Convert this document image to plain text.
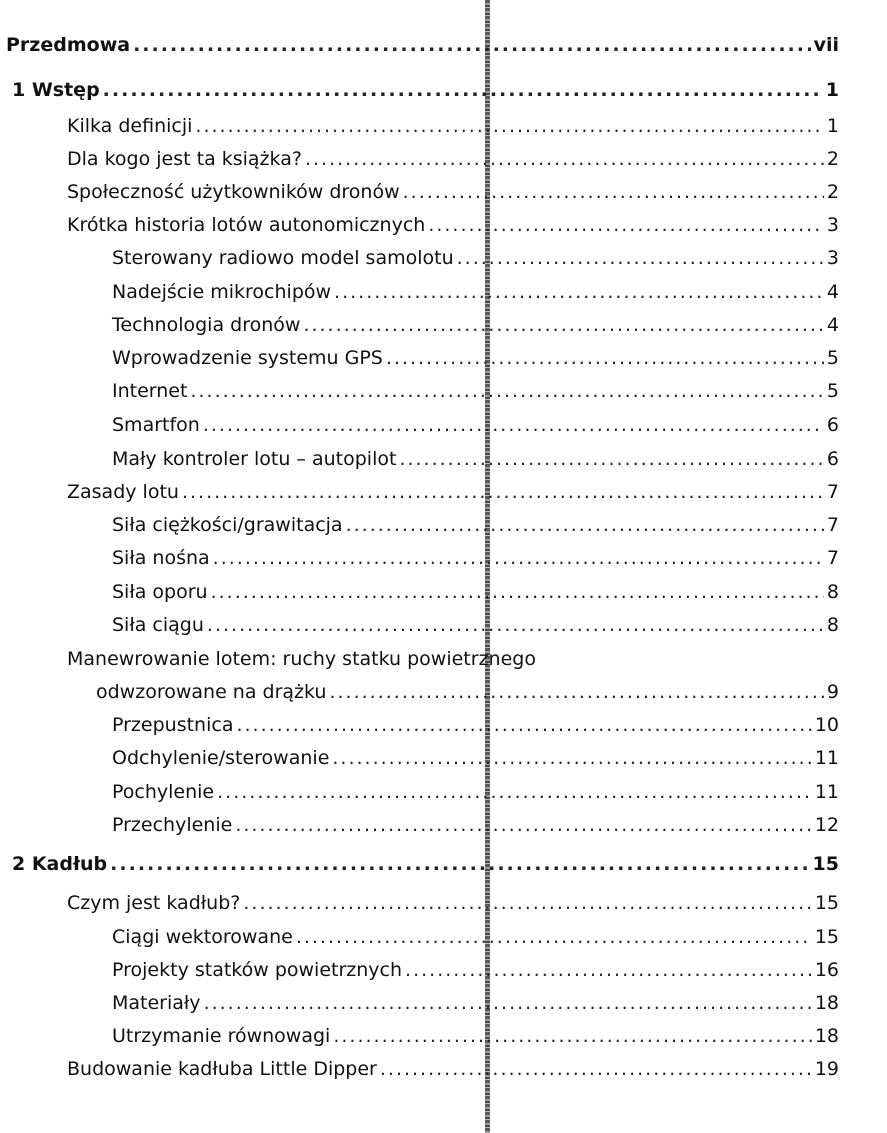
Przedmowa .....	vii
1 Wstęp .....	1
Kilka definicji .....	1
Dla kogo jest ta książka? .....	2
Społeczność użytkowników dronów .....	2
Krótka historia lotów autonomicznych .....	3
Sterowany radiowo model samolotu .....	3
Nadejście mikrochipów .....	4
Technologia dronów .....	4
Wprowadzenie systemu GPS .....	5
Internet .....	5
Smartfon .....	6
Mały kontroler lotu – autopilot .....	6
Zasady lotu .....	7
Siła ciężkości/grawitacja .....	7
Siła nośna .....	7
Siła oporu .....	8
Siła ciągu .....	8
Manewrowanie lotem: ruchy statku powietrznego
odwzorowane na drążku .....	9
Przepustnica .....	10
Odchylenie/sterowanie .....	11
Pochylenie .....	11
Przechylenie .....	12
2 Kadłub .....	15
Czym jest kadłub? .....	15
Ciągi wektorowane .....	15
Projekty statków powietrznych .....	16
Materiały .....	18
Utrzymanie równowagi .....	18
Budowanie kadłuba Little Dipper .....	19
